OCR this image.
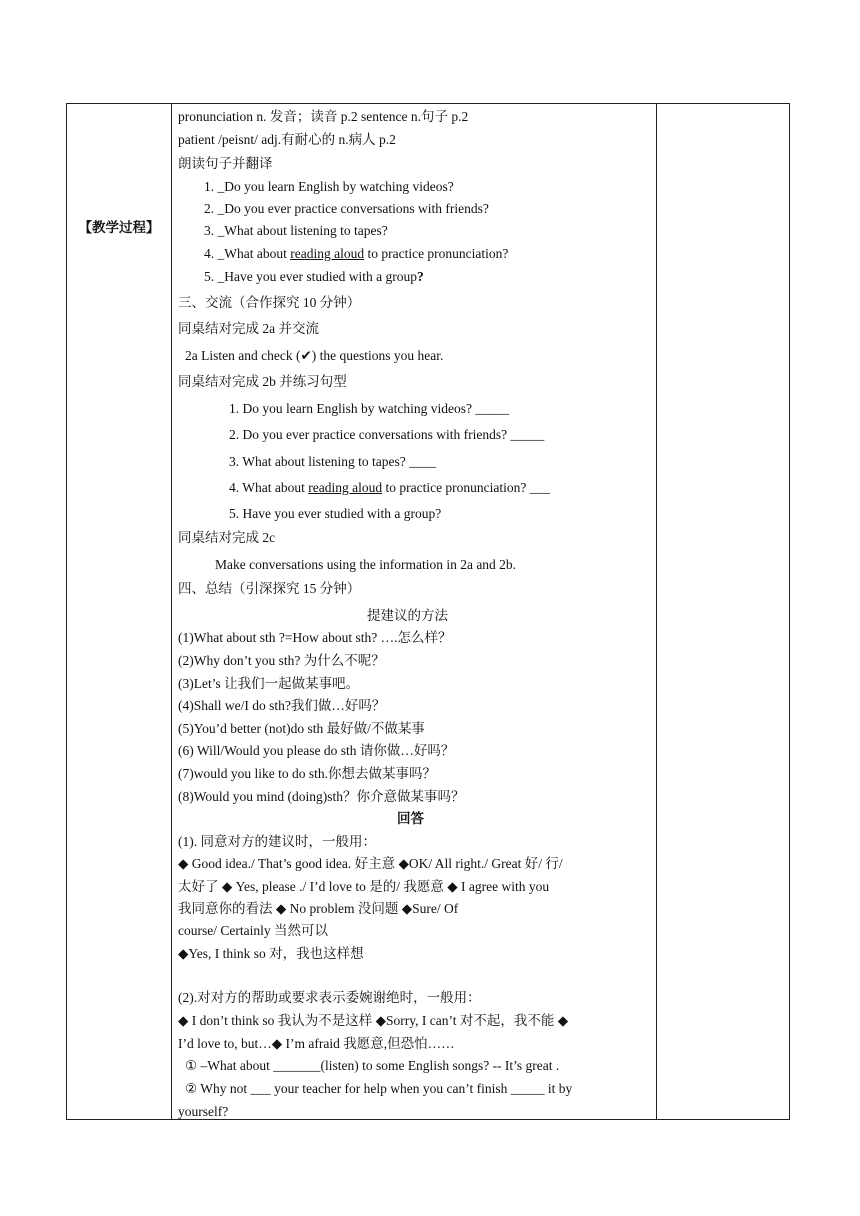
【教学过程】
pronunciation n. 发音；读音 p.2 sentence n.句子 p.2
patient /peisnt/ adj.有耐心的 n.病人 p.2
朗读句子并翻译
1. _Do you learn English by watching videos?
2. _Do you ever practice conversations with friends?
3. _What about listening to tapes?
4. _What about reading aloud to practice pronunciation?
5. _Have you ever studied with a group?
三、交流（合作探究 10 分钟）
同桌结对完成 2a 并交流
2a Listen and check (✔) the questions you hear.
同桌结对完成 2b 并练习句型
1. Do you learn English by watching videos? _____
2. Do you ever practice conversations with friends? _____
3. What about listening to tapes? ____
4. What about reading aloud to practice pronunciation? ___
5. Have you ever studied with a group?
同桌结对完成 2c
Make conversations using the information in 2a and 2b.
四、总结（引深探究 15 分钟）
提建议的方法
(1)What about sth ?=How about sth? ….怎么样？
(2)Why don’t you sth? 为什么不呢？
(3)Let’s 让我们一起做某事吧。
(4)Shall we/I do sth?我们做…好吗？
(5)You’d better (not)do sth 最好做/不做某事
(6) Will/Would you please do sth 请你做…好吗？
(7)would you like to do sth.你想去做某事吗？
(8)Would you mind (doing)sth？你介意做某事吗？
回答
(1). 同意对方的建议时，一般用：
◆ Good idea./ That’s good idea. 好主意 ◆OK/ All right./ Great 好/ 行/
太好了 ◆ Yes, please ./ I’d love to 是的/ 我愿意 ◆ I agree with you
我同意你的看法 ◆ No problem 没问题 ◆Sure/ Of
course/ Certainly 当然可以
◆Yes, I think so 对，我也这样想
(2).对对方的帮助或要求表示委婉谢绝时，一般用：
◆ I don’t think so 我认为不是这样 ◆Sorry, I can’t 对不起，我不能 ◆
I’d love to, but…◆ I’m afraid 我愿意,但恐怕……
① –What about _______(listen) to some English songs? -- It’s great .
② Why not ___ your teacher for help when you can’t finish _____ it by
yourself?
